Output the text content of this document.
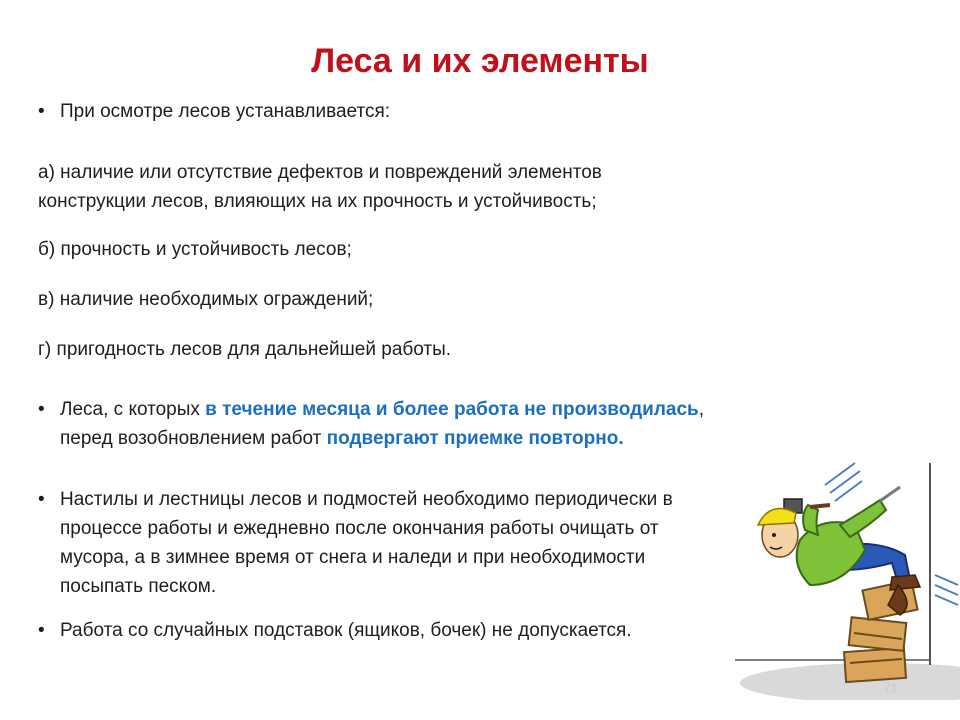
Леса и их элементы
• При осмотре лесов устанавливается:
а) наличие или отсутствие дефектов и повреждений элементов
конструкции лесов, влияющих на их прочность и устойчивость;
б) прочность и устойчивость лесов;
в) наличие необходимых ограждений;
г) пригодность лесов для дальнейшей работы.
• Леса, с которых в течение месяца и более работа не производилась,
перед возобновлением работ подвергают приемке повторно.
• Настилы и лестницы лесов и подмостей необходимо периодически в
процессе работы и ежедневно после окончания работы очищать от
мусора, а в зимнее время от снега и наледи и при необходимости
посыпать песком.
• Работа со случайных подставок (ящиков, бочек) не допускается.
71
